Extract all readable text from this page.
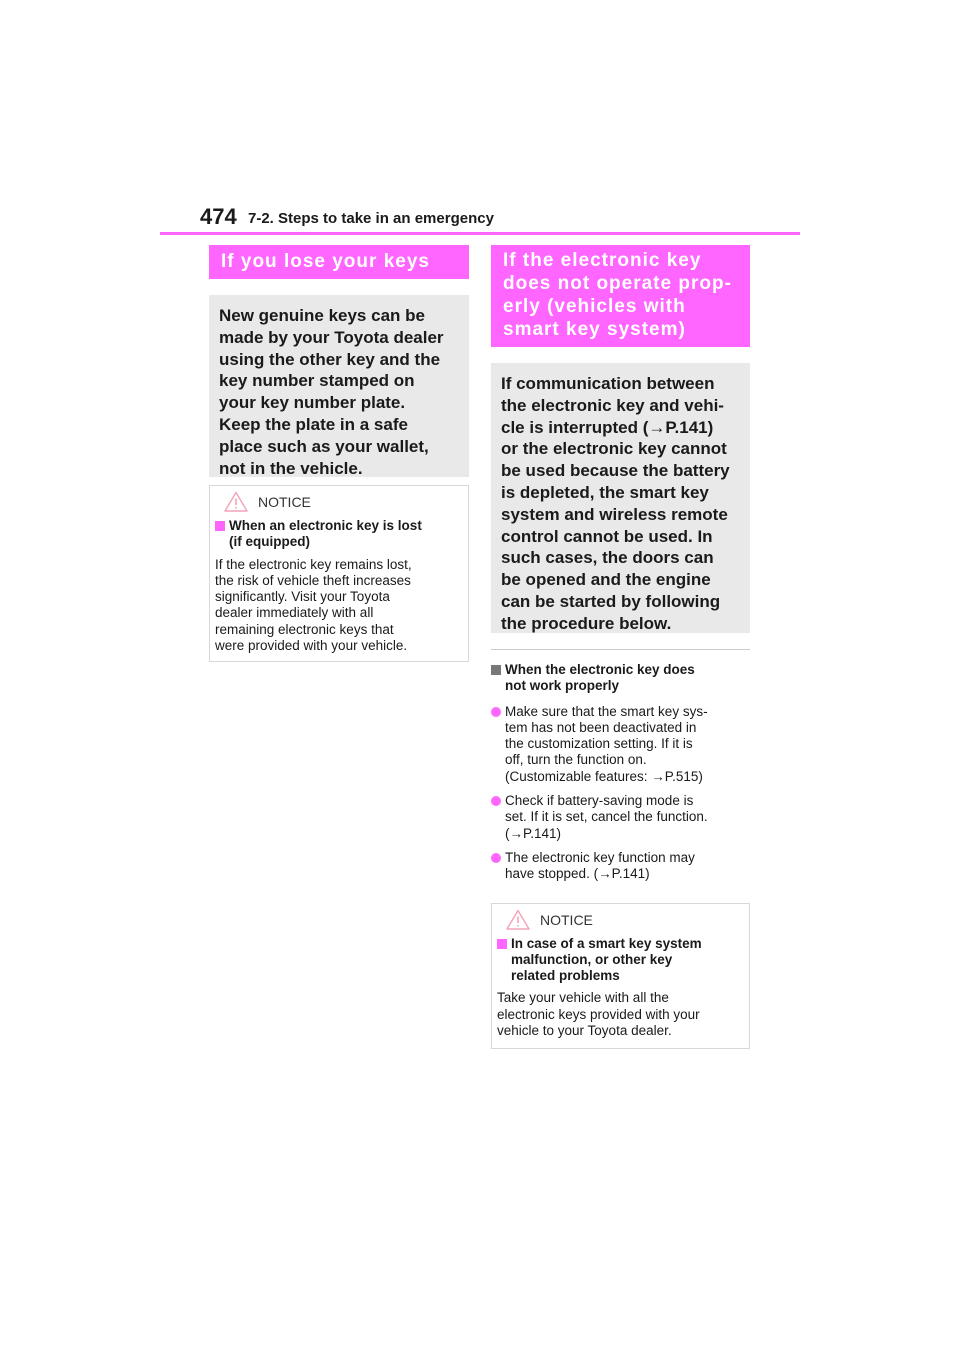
474 7-2. Steps to take in an emergency
If you lose your keys
New genuine keys can be
made by your Toyota dealer
using the other key and the
key number stamped on
your key number plate.
Keep the plate in a safe
place such as your wallet,
not in the vehicle.
NOTICE
When an electronic key is lost
(if equipped)
If the electronic key remains lost,
the risk of vehicle theft increases
significantly. Visit your Toyota
dealer immediately with all
remaining electronic keys that
were provided with your vehicle.
If the electronic key
does not operate prop-
erly (vehicles with
smart key system)
If communication between
the electronic key and vehi-
cle is interrupted (→P.141)
or the electronic key cannot
be used because the battery
is depleted, the smart key
system and wireless remote
control cannot be used. In
such cases, the doors can
be opened and the engine
can be started by following
the procedure below.
When the electronic key does
not work properly
Make sure that the smart key sys-
tem has not been deactivated in
the customization setting. If it is
off, turn the function on.
(Customizable features: →P.515)
Check if battery-saving mode is
set. If it is set, cancel the function.
(→P.141)
The electronic key function may
have stopped. (→P.141)
NOTICE
In case of a smart key system
malfunction, or other key
related problems
Take your vehicle with all the
electronic keys provided with your
vehicle to your Toyota dealer.
